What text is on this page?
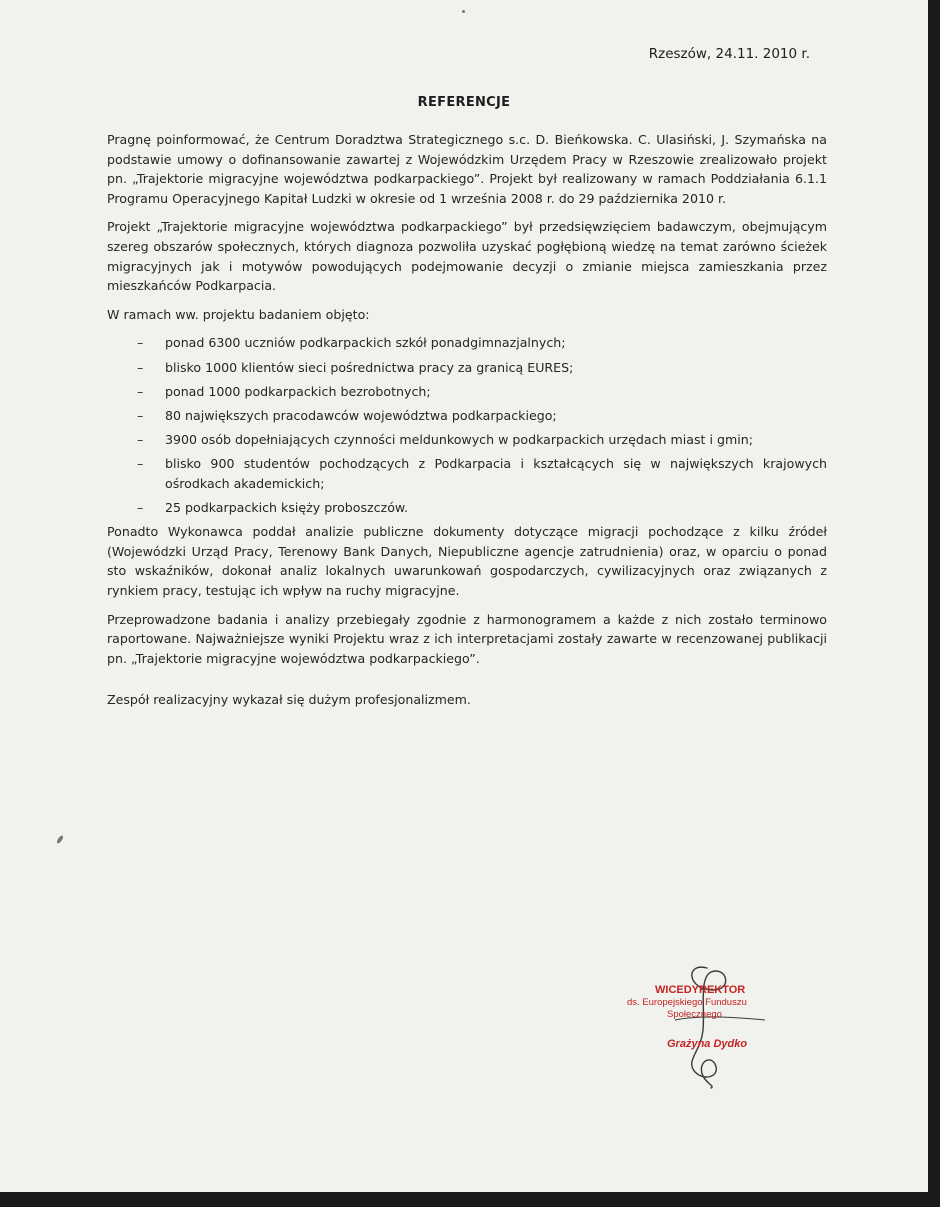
Rzeszów, 24.11. 2010 r.
REFERENCJE

Pragnę poinformować, że Centrum Doradztwa Strategicznego s.c. D. Bieńkowska. C. Ulasiński, J. Szymańska na podstawie umowy o dofinansowanie zawartej z Wojewódzkim Urzędem Pracy w Rzeszowie zrealizowało projekt pn. „Trajektorie migracyjne województwa podkarpackiego”. Projekt był realizowany w ramach Poddziałania 6.1.1 Programu Operacyjnego Kapitał Ludzki w okresie od 1 września 2008 r. do 29 października 2010 r.

Projekt „Trajektorie migracyjne województwa podkarpackiego” był przedsięwzięciem badawczym, obejmującym szereg obszarów społecznych, których diagnoza pozwoliła uzyskać pogłębioną wiedzę na temat zarówno ścieżek migracyjnych jak i motywów powodujących podejmowanie decyzji o zmianie miejsca zamieszkania przez mieszkańców Podkarpacia.

W ramach ww. projektu badaniem objęto:

– ponad 6300 uczniów podkarpackich szkół ponadgimnazjalnych;
– blisko 1000 klientów sieci pośrednictwa pracy za granicą EURES;
– ponad 1000 podkarpackich bezrobotnych;
– 80 największych pracodawców województwa podkarpackiego;
– 3900 osób dopełniających czynności meldunkowych w podkarpackich urzędach miast i gmin;
– blisko 900 studentów pochodzących z Podkarpacia i kształcących się w największych krajowych ośrodkach akademickich;
– 25 podkarpackich księży proboszczów.

Ponadto Wykonawca poddał analizie publiczne dokumenty dotyczące migracji pochodzące z kilku źródeł (Wojewódzki Urząd Pracy, Terenowy Bank Danych, Niepubliczne agencje zatrudnienia) oraz, w oparciu o ponad sto wskaźników, dokonał analiz lokalnych uwarunkowań gospodarczych, cywilizacyjnych oraz związanych z rynkiem pracy, testując ich wpływ na ruchy migracyjne.

Przeprowadzone badania i analizy przebiegały zgodnie z harmonogramem a każde z nich zostało terminowo raportowane. Najważniejsze wyniki Projektu wraz z ich interpretacjami zostały zawarte w recenzowanej publikacji pn. „Trajektorie migracyjne województwa podkarpackiego”.

Zespół realizacyjny wykazał się dużym profesjonalizmem.

WICEDYREKTOR
ds. Europejskiego Funduszu
Społecznego
Grażyna Dydko
